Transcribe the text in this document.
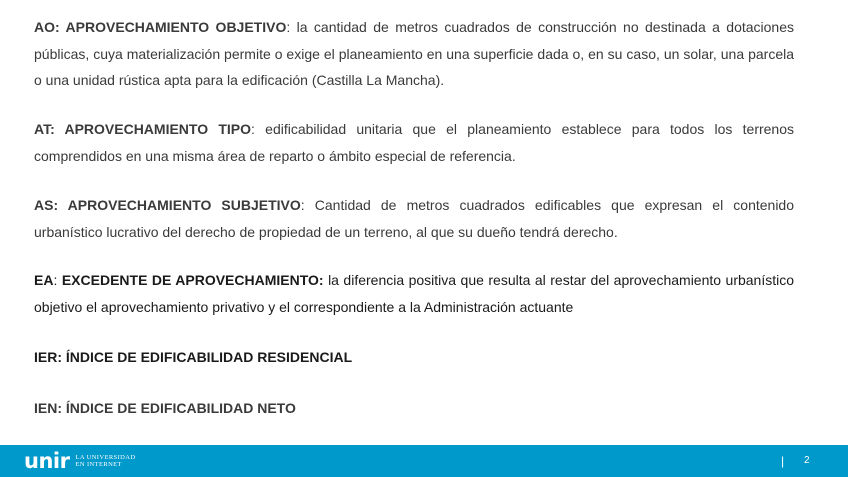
AO: APROVECHAMIENTO OBJETIVO: la cantidad de metros cuadrados de construcción no destinada a dotaciones públicas, cuya materialización permite o exige el planeamiento en una superficie dada o, en su caso, un solar, una parcela o una unidad rústica apta para la edificación (Castilla La Mancha).

AT: APROVECHAMIENTO TIPO: edificabilidad unitaria que el planeamiento establece para todos los terrenos comprendidos en una misma área de reparto o ámbito especial de referencia.

AS: APROVECHAMIENTO SUBJETIVO: Cantidad de metros cuadrados edificables que expresan el contenido urbanístico lucrativo del derecho de propiedad de un terreno, al que su dueño tendrá derecho.

EA: EXCEDENTE DE APROVECHAMIENTO: la diferencia positiva que resulta al restar del aprovechamiento urbanístico objetivo el aprovechamiento privativo y el correspondiente a la Administración actuante

IER: ÍNDICE DE EDIFICABILIDAD RESIDENCIAL

IEN: ÍNDICE DE EDIFICABILIDAD NETO

unir LA UNIVERSIDAD
EN INTERNET	| 2
